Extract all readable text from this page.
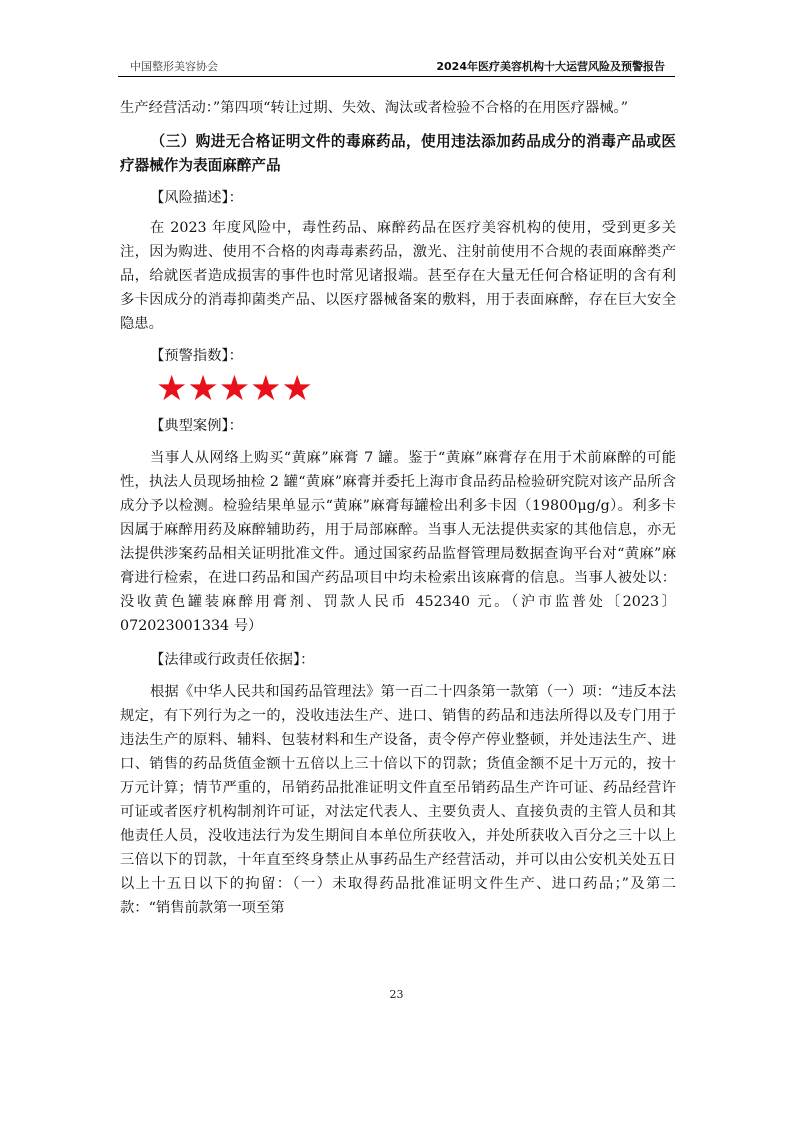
中国整形美容协会	2024年医疗美容机构十大运营风险及预警报告

生产经营活动：”第四项“转让过期、失效、淘汰或者检验不合格的在用医疗器械。”

（三）购进无合格证明文件的毒麻药品，使用违法添加药品成分的消毒产品或医疗器械作为表面麻醉产品

【风险描述】：

在 2023 年度风险中，毒性药品、麻醉药品在医疗美容机构的使用，受到更多关注，因为购进、使用不合格的肉毒毒素药品，激光、注射前使用不合规的表面麻醉类产品，给就医者造成损害的事件也时常见诸报端。甚至存在大量无任何合格证明的含有利多卡因成分的消毒抑菌类产品、以医疗器械备案的敷料，用于表面麻醉，存在巨大安全隐患。

【预警指数】：

★★★★★

【典型案例】：

当事人从网络上购买“黄麻”麻膏 7 罐。鉴于“黄麻”麻膏存在用于术前麻醉的可能性，执法人员现场抽检 2 罐“黄麻”麻膏并委托上海市食品药品检验研究院对该产品所含成分予以检测。检验结果单显示“黄麻”麻膏每罐检出利多卡因（19800μg/g）。利多卡因属于麻醉用药及麻醉辅助药，用于局部麻醉。当事人无法提供卖家的其他信息，亦无法提供涉案药品相关证明批准文件。通过国家药品监督管理局数据查询平台对“黄麻”麻膏进行检索，在进口药品和国产药品项目中均未检索出该麻膏的信息。当事人被处以：没收黄色罐装麻醉用膏剂、罚款人民币 452340 元。（沪市监普处〔2023〕072023001334 号）

【法律或行政责任依据】：

根据《中华人民共和国药品管理法》第一百二十四条第一款第（一）项：“违反本法规定，有下列行为之一的，没收违法生产、进口、销售的药品和违法所得以及专门用于违法生产的原料、辅料、包装材料和生产设备，责令停产停业整顿，并处违法生产、进口、销售的药品货值金额十五倍以上三十倍以下的罚款；货值金额不足十万元的，按十万元计算；情节严重的，吊销药品批准证明文件直至吊销药品生产许可证、药品经营许可证或者医疗机构制剂许可证，对法定代表人、主要负责人、直接负责的主管人员和其他责任人员，没收违法行为发生期间自本单位所获收入，并处所获收入百分之三十以上三倍以下的罚款，十年直至终身禁止从事药品生产经营活动，并可以由公安机关处五日以上十五日以下的拘留：（一）未取得药品批准证明文件生产、进口药品；”及第二款：“销售前款第一项至第

23
